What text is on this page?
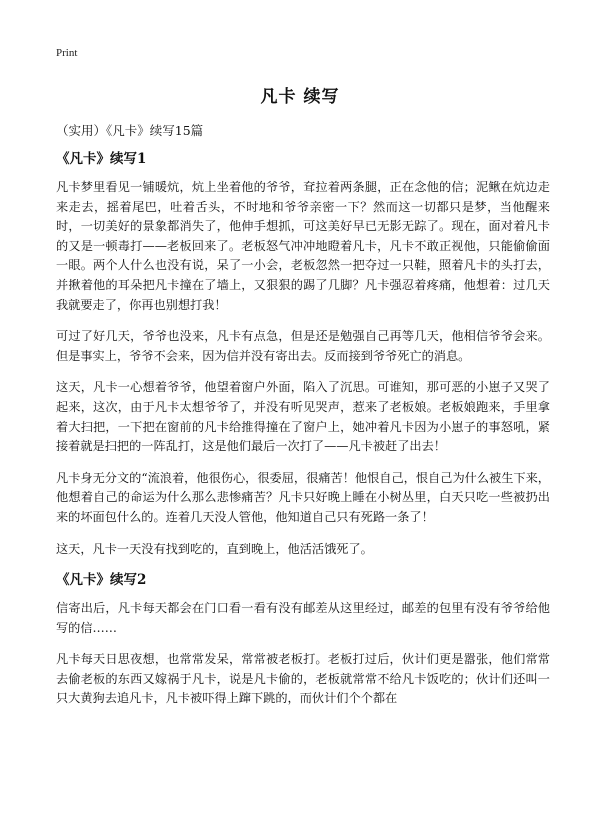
Print
凡卡 续写
（实用）《凡卡》续写15篇
《凡卡》续写1

凡卡梦里看见一铺暖炕，炕上坐着他的爷爷，耷拉着两条腿，正在念他的信；泥鳅在炕边走来走去，摇着尾巴，吐着舌头，不时地和爷爷亲密一下？然而这一切都只是梦，当他醒来时，一切美好的景象都消失了，他伸手想抓，可这美好早已无影无踪了。现在，面对着凡卡的又是一顿毒打——老板回来了。老板怒气冲冲地瞪着凡卡，凡卡不敢正视他，只能偷偷面一眼。两个人什么也没有说，呆了一小会，老板忽然一把夺过一只鞋，照着凡卡的头打去，并揪着他的耳朵把凡卡撞在了墙上，又狠狠的踢了几脚？凡卡强忍着疼痛，他想着：过几天我就要走了，你再也别想打我！

可过了好几天，爷爷也没来，凡卡有点急，但是还是勉强自己再等几天，他相信爷爷会来。但是事实上，爷爷不会来，因为信并没有寄出去。反而接到爷爷死亡的消息。

这天，凡卡一心想着爷爷，他望着窗户外面，陷入了沉思。可谁知，那可恶的小崽子又哭了起来，这次，由于凡卡太想爷爷了，并没有听见哭声，惹来了老板娘。老板娘跑来，手里拿着大扫把，一下把在窗前的凡卡给推得撞在了窗户上，她冲着凡卡因为小崽子的事怒吼，紧接着就是扫把的一阵乱打，这是他们最后一次打了——凡卡被赶了出去！

凡卡身无分文的“流浪着，他很伤心，很委屈，很痛苦！他恨自己，恨自己为什么被生下来，他想着自己的命运为什么那么悲惨痛苦？凡卡只好晚上睡在小树丛里，白天只吃一些被扔出来的坏面包什么的。连着几天没人管他，他知道自己只有死路一条了！

这天，凡卡一天没有找到吃的，直到晚上，他活活饿死了。

《凡卡》续写2

信寄出后，凡卡每天都会在门口看一看有没有邮差从这里经过，邮差的包里有没有爷爷给他写的信……

凡卡每天日思夜想，也常常发呆，常常被老板打。老板打过后，伙计们更是嚣张，他们常常去偷老板的东西又嫁祸于凡卡，说是凡卡偷的，老板就常常不给凡卡饭吃的；伙计们还叫一只大黄狗去追凡卡，凡卡被吓得上蹿下跳的，而伙计们个个都在
